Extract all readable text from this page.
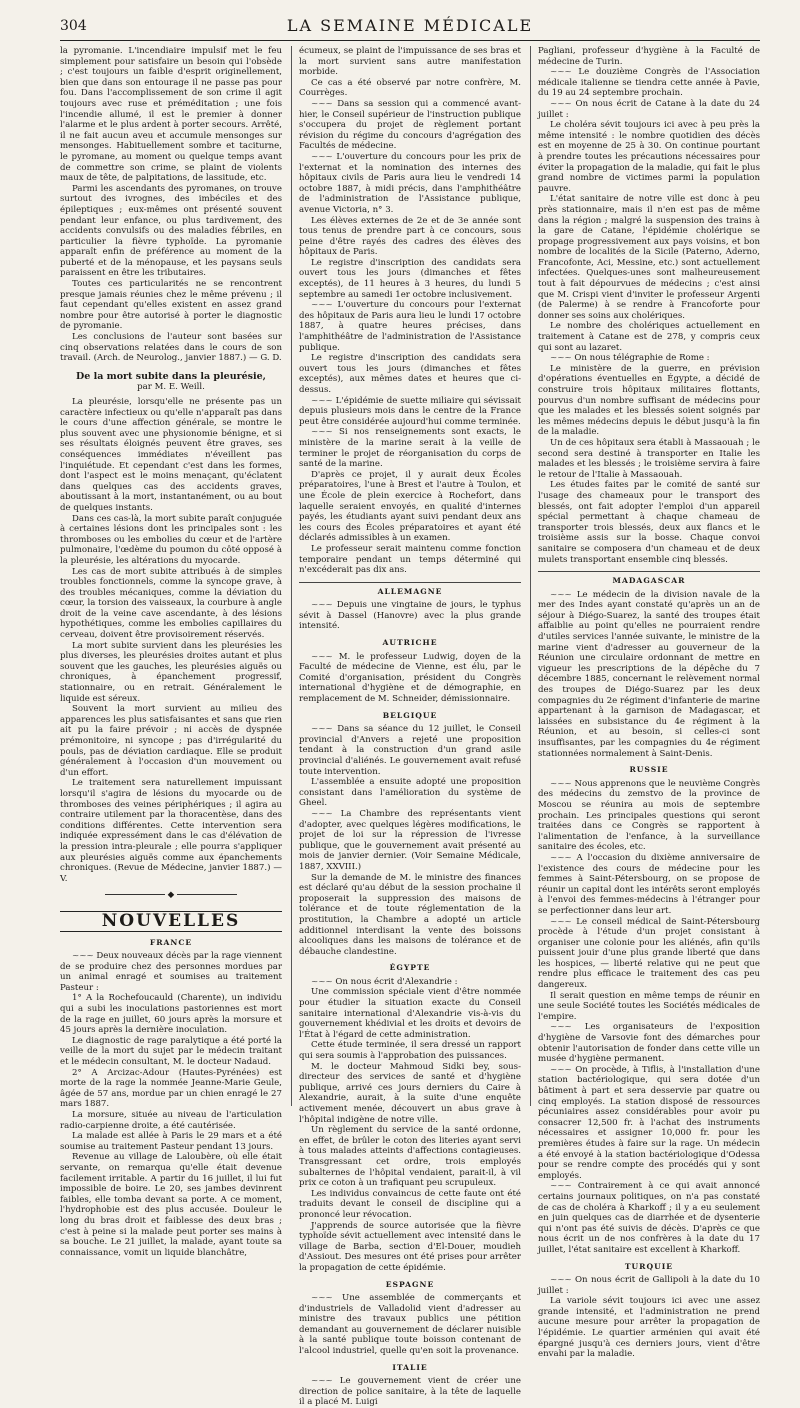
304	LA SEMAINE MÉDICALE

la pyromanie. L'incendiaire impulsif met le feu simplement pour satisfaire un besoin qui l'obsède ; c'est toujours un faible d'esprit originellement, bien que dans son entourage il ne passe pas pour fou. Dans l'accomplissement de son crime il agit toujours avec ruse et préméditation ; une fois l'incendie allumé, il est le premier à donner l'alarme et le plus ardent à porter secours. Arrêté, il ne fait aucun aveu et accumule mensonges sur mensonges. Habituellement sombre et taciturne, le pyromane, au moment ou quelque temps avant de commettre son crime, se plaint de violents maux de tête, de palpitations, de lassitude, etc.

Parmi les ascendants des pyromanes, on trouve surtout des ivrognes, des imbéciles et des épileptiques ; eux-mêmes ont présenté souvent pendant leur enfance, ou plus tardivement, des accidents convulsifs ou des maladies fébriles, en particulier la fièvre typhoïde. La pyromanie apparaît enfin de préférence au moment de la puberté et de la ménopause, et les paysans seuls paraissent en être les tributaires.

Toutes ces particularités ne se rencontrent presque jamais réunies chez le même prévenu ; il faut cependant qu'elles existent en assez grand nombre pour être autorisé à porter le diagnostic de pyromanie.

Les conclusions de l'auteur sont basées sur cinq observations relatées dans le cours de son travail. (Arch. de Neurolog., janvier 1887.) — G. D.

De la mort subite dans la pleurésie,
par M. E. Weill.

La pleurésie, lorsqu'elle ne présente pas un caractère infectieux ou qu'elle n'apparaît pas dans le cours d'une affection générale, se montre le plus souvent avec une physionomie bénigne, et si ses résultats éloignés peuvent être graves, ses conséquences immédiates n'éveillent pas l'inquiétude. Et cependant c'est dans les formes, dont l'aspect est le moins menaçant, qu'éclatent dans quelques cas des accidents graves, aboutissant à la mort, instantanément, ou au bout de quelques instants.

Dans ces cas-là, la mort subite paraît conjuguée à certaines lésions dont les principales sont : les thromboses ou les embolies du cœur et de l'artère pulmonaire, l'œdème du poumon du côté opposé à la pleurésie, les altérations du myocarde.

Les cas de mort subite attribués à de simples troubles fonctionnels, comme la syncope grave, à des troubles mécaniques, comme la déviation du cœur, la torsion des vaisseaux, la courbure à angle droit de la veine cave ascendante, à des lésions hypothétiques, comme les embolies capillaires du cerveau, doivent être provisoirement réservés.

La mort subite survient dans les pleurésies les plus diverses, les pleurésies droites autant et plus souvent que les gauches, les pleurésies aiguës ou chroniques, à épanchement progressif, stationnaire, ou en retrait. Généralement le liquide est séreux.

Souvent la mort survient au milieu des apparences les plus satisfaisantes et sans que rien ait pu la faire prévoir ; ni accès de dyspnée prémonitoire, ni syncope ; pas d'irrégularité du pouls, pas de déviation cardiaque. Elle se produit généralement à l'occasion d'un mouvement ou d'un effort.

Le traitement sera naturellement impuissant lorsqu'il s'agira de lésions du myocarde ou de thromboses des veines périphériques ; il agira au contraire utilement par la thoracentèse, dans des conditions différentes. Cette intervention sera indiquée expressément dans le cas d'élévation de la pression intra-pleurale ; elle pourra s'appliquer aux pleurésies aiguës comme aux épanchements chroniques. (Revue de Médecine, janvier 1887.) — V.

◆
NOUVELLES
FRANCE

~~~ Deux nouveaux décès par la rage viennent de se produire chez des personnes mordues par un animal enragé et soumises au traitement Pasteur :

1° A la Rochefoucauld (Charente), un individu qui a subi les inoculations pastoriennes est mort de la rage en juillet, 60 jours après la morsure et 45 jours après la dernière inoculation.

Le diagnostic de rage paralytique a été porté la veille de la mort du sujet par le médecin traitant et le médecin consultant, M. le docteur Nadaud.

2° A Arcizac-Adour (Hautes-Pyrénées) est morte de la rage la nommée Jeanne-Marie Geule, âgée de 57 ans, mordue par un chien enragé le 27 mars 1887.

La morsure, située au niveau de l'articulation radio-carpienne droite, a été cautérisée.

La malade est allée à Paris le 29 mars et a été soumise au traitement Pasteur pendant 13 jours.

Revenue au village de Laloubère, où elle était servante, on remarqua qu'elle était devenue facilement irritable. A partir du 16 juillet, il lui fut impossible de boire. Le 20, ses jambes devinrent faibles, elle tomba devant sa porte. A ce moment, l'hydrophobie est des plus accusée. Douleur le long du bras droit et faiblesse des deux bras ; c'est à peine si la malade peut porter ses mains à sa bouche. Le 21 juillet, la malade, ayant toute sa connaissance, vomit un liquide blanchâtre,

écumeux, se plaint de l'impuissance de ses bras et la mort survient sans autre manifestation morbide.

Ce cas a été observé par notre confrère, M. Courrèges.

~~~ Dans sa session qui a commencé avant-hier, le Conseil supérieur de l'instruction publique s'occupera du projet de règlement portant révision du régime du concours d'agrégation des Facultés de médecine.

~~~ L'ouverture du concours pour les prix de l'externat et la nomination des internes des hôpitaux civils de Paris aura lieu le vendredi 14 octobre 1887, à midi précis, dans l'amphithéâtre de l'administration de l'Assistance publique, avenue Victoria, n° 3.

Les élèves externes de 2e et de 3e année sont tous tenus de prendre part à ce concours, sous peine d'être rayés des cadres des élèves des hôpitaux de Paris.

Le registre d'inscription des candidats sera ouvert tous les jours (dimanches et fêtes exceptés), de 11 heures à 3 heures, du lundi 5 septembre au samedi 1er octobre inclusivement.

~~~ L'ouverture du concours pour l'externat des hôpitaux de Paris aura lieu le lundi 17 octobre 1887, à quatre heures précises, dans l'amphithéâtre de l'administration de l'Assistance publique.

Le registre d'inscription des candidats sera ouvert tous les jours (dimanches et fêtes exceptés), aux mêmes dates et heures que ci-dessus.

~~~ L'épidémie de suette miliaire qui sévissait depuis plusieurs mois dans le centre de la France peut être considérée aujourd'hui comme terminée.

~~~ Si nos renseignements sont exacts, le ministère de la marine serait à la veille de terminer le projet de réorganisation du corps de santé de la marine.

D'après ce projet, il y aurait deux Écoles préparatoires, l'une à Brest et l'autre à Toulon, et une École de plein exercice à Rochefort, dans laquelle seraient envoyés, en qualité d'internes payés, les étudiants ayant suivi pendant deux ans les cours des Écoles préparatoires et ayant été déclarés admissibles à un examen.

Le professeur serait maintenu comme fonction temporaire pendant un temps déterminé qui n'excéderait pas dix ans.

ALLEMAGNE

~~~ Depuis une vingtaine de jours, le typhus sévit à Dassel (Hanovre) avec la plus grande intensité.

AUTRICHE

~~~ M. le professeur Ludwig, doyen de la Faculté de médecine de Vienne, est élu, par le Comité d'organisation, président du Congrès international d'hygiène et de démographie, en remplacement de M. Schneider, démissionnaire.

BELGIQUE

~~~ Dans sa séance du 12 juillet, le Conseil provincial d'Anvers a rejeté une proposition tendant à la construction d'un grand asile provincial d'aliénés. Le gouvernement avait refusé toute intervention.

L'assemblée a ensuite adopté une proposition consistant dans l'amélioration du système de Gheel.

~~~ La Chambre des représentants vient d'adopter, avec quelques légères modifications, le projet de loi sur la répression de l'ivresse publique, que le gouvernement avait présenté au mois de janvier dernier. (Voir Semaine Médicale, 1887, XXVIII.)

Sur la demande de M. le ministre des finances est déclaré qu'au début de la session prochaine il proposerait la suppression des maisons de tolérance et de toute réglementation de la prostitution, la Chambre a adopté un article additionnel interdisant la vente des boissons alcooliques dans les maisons de tolérance et de débauche clandestine.

ÉGYPTE

~~~ On nous écrit d'Alexandrie :

Une commission spéciale vient d'être nommée pour étudier la situation exacte du Conseil sanitaire international d'Alexandrie vis-à-vis du gouvernement khédivial et les droits et devoirs de l'État à l'égard de cette administration.

Cette étude terminée, il sera dressé un rapport qui sera soumis à l'approbation des puissances.

M. le docteur Mahmoud Sidki bey, sous-directeur des services de santé et d'hygiène publique, arrivé ces jours derniers du Caire à Alexandrie, aurait, à la suite d'une enquête activement menée, découvert un abus grave à l'hôpital indigène de notre ville.

Un règlement du service de la santé ordonne, en effet, de brûler le coton des literies ayant servi à tous malades atteints d'affections contagieuses. Transgressant cet ordre, trois employés subalternes de l'hôpital vendaient, parait-il, à vil prix ce coton à un trafiquant peu scrupuleux.

Les individus convaincus de cette faute ont été traduits devant le conseil de discipline qui a prononcé leur révocation.

J'apprends de source autorisée que la fièvre typhoïde sévit actuellement avec intensité dans le village de Barba, section d'El-Douer, moudieh d'Assiout. Des mesures ont été prises pour arrêter la propagation de cette épidémie.

ESPAGNE

~~~ Une assemblée de commerçants et d'industriels de Valladolid vient d'adresser au ministre des travaux publics une pétition demandant au gouvernement de déclarer nuisible à la santé publique toute boisson contenant de l'alcool industriel, quelle qu'en soit la provenance.

ITALIE

~~~ Le gouvernement vient de créer une direction de police sanitaire, à la tête de laquelle il a placé M. Luigi

Pagliani, professeur d'hygiène à la Faculté de médecine de Turin.

~~~ Le douzième Congrès de l'Association médicale italienne se tiendra cette année à Pavie, du 19 au 24 septembre prochain.

~~~ On nous écrit de Catane à la date du 24 juillet :

Le choléra sévit toujours ici avec à peu près la même intensité : le nombre quotidien des décès est en moyenne de 25 à 30. On continue pourtant à prendre toutes les précautions nécessaires pour éviter la propagation de la maladie, qui fait le plus grand nombre de victimes parmi la population pauvre.

L'état sanitaire de notre ville est donc à peu près stationnaire, mais il n'en est pas de même dans la région ; malgré la suspension des trains à la gare de Catane, l'épidémie cholérique se propage progressivement aux pays voisins, et bon nombre de localités de la Sicile (Paterno, Aderno, Francofonte, Aci, Messine, etc.) sont actuellement infectées. Quelques-unes sont malheureusement tout à fait dépourvues de médecins ; c'est ainsi que M. Crispi vient d'inviter le professeur Argenti (de Palerme) à se rendre à Francoforte pour donner ses soins aux cholériques.

Le nombre des cholériques actuellement en traitement à Catane est de 278, y compris ceux qui sont au lazaret.

~~~ On nous télégraphie de Rome :

Le ministère de la guerre, en prévision d'opérations éventuelles en Égypte, a décidé de construire trois hôpitaux militaires flottants, pourvus d'un nombre suffisant de médecins pour que les malades et les blessés soient soignés par les mêmes médecins depuis le début jusqu'à la fin de la maladie.

Un de ces hôpitaux sera établi à Massaouah ; le second sera destiné à transporter en Italie les malades et les blessés ; le troisième servira à faire le retour de l'Italie à Massaouah.

Les études faites par le comité de santé sur l'usage des chameaux pour le transport des blessés, ont fait adopter l'emploi d'un appareil spécial permettant à chaque chameau de transporter trois blessés, deux aux flancs et le troisième assis sur la bosse. Chaque convoi sanitaire se composera d'un chameau et de deux mulets transportant ensemble cinq blessés.

MADAGASCAR

~~~ Le médecin de la division navale de la mer des Indes ayant constaté qu'après un an de séjour à Diégo-Suarez, la santé des troupes était affaiblie au point qu'elles ne pourraient rendre d'utiles services l'année suivante, le ministre de la marine vient d'adresser au gouverneur de la Réunion une circulaire ordonnant de mettre en vigueur les prescriptions de la dépêche du 7 décembre 1885, concernant le relèvement normal des troupes de Diégo-Suarez par les deux compagnies du 2e régiment d'infanterie de marine appartenant à la garnison de Madagascar, et laissées en subsistance du 4e régiment à la Réunion, et au besoin, si celles-ci sont insuffisantes, par les compagnies du 4e régiment stationnées normalement à Saint-Denis.

RUSSIE

~~~ Nous apprenons que le neuvième Congrès des médecins du zemstvo de la province de Moscou se réunira au mois de septembre prochain. Les principales questions qui seront traitées dans ce Congrès se rapportent à l'alimentation de l'enfance, à la surveillance sanitaire des écoles, etc.

~~~ A l'occasion du dixième anniversaire de l'existence des cours de médecine pour les femmes à Saint-Pétersbourg, on se propose de réunir un capital dont les intérêts seront employés à l'envoi des femmes-médecins à l'étranger pour se perfectionner dans leur art.

~~~ Le conseil médical de Saint-Pétersbourg procède à l'étude d'un projet consistant à organiser une colonie pour les aliénés, afin qu'ils puissent jouir d'une plus grande liberté que dans les hospices, — liberté relative qui ne peut que rendre plus efficace le traitement des cas peu dangereux.

Il serait question en même temps de réunir en une seule Société toutes les Sociétés médicales de l'empire.

~~~ Les organisateurs de l'exposition d'hygiène de Varsovie font des démarches pour obtenir l'autorisation de fonder dans cette ville un musée d'hygiène permanent.

~~~ On procède, à Tiflis, à l'installation d'une station bactériologique, qui sera dotée d'un bâtiment à part et sera desservie par quatre ou cinq employés. La station disposé de ressources pécuniaires assez considérables pour avoir pu consacrer 12,500 fr. à l'achat des instruments nécessaires et assigner 10,000 fr. pour les premières études à faire sur la rage. Un médecin a été envoyé à la station bactériologique d'Odessa pour se rendre compte des procédés qui y sont employés.

~~~ Contrairement à ce qui avait annoncé certains journaux politiques, on n'a pas constaté de cas de choléra à Kharkoff ; il y a eu seulement en juin quelques cas de diarrhée et de dysenterie qui n'ont pas été suivis de décès. D'après ce que nous écrit un de nos confrères à la date du 17 juillet, l'état sanitaire est excellent à Kharkoff.

TURQUIE

~~~ On nous écrit de Gallipoli à la date du 10 juillet :

La variole sévit toujours ici avec une assez grande intensité, et l'administration ne prend aucune mesure pour arrêter la propagation de l'épidémie. Le quartier arménien qui avait été épargné jusqu'à ces derniers jours, vient d'être envahi par la maladie.
